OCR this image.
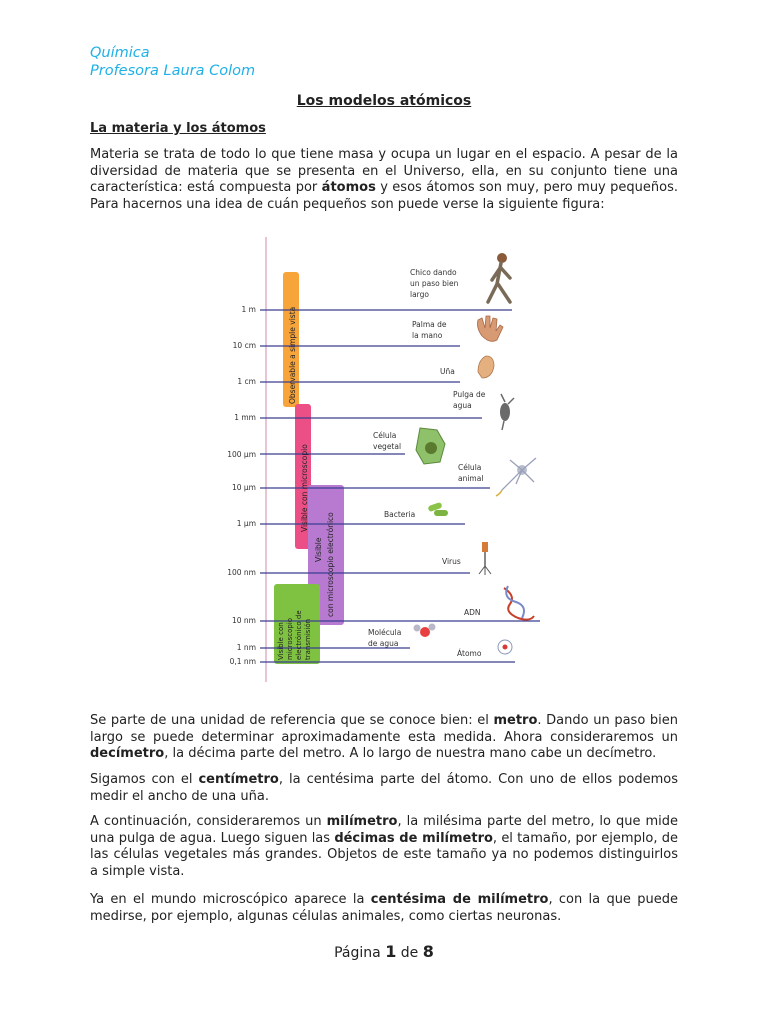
Química
Profesora Laura Colom
Los modelos atómicos
La materia y los átomos

Materia se trata de todo lo que tiene masa y ocupa un lugar en el espacio. A pesar de la diversidad de materia que se presenta en el Universo, ella, en su conjunto tiene una característica: está compuesta por átomos y esos átomos son muy, pero muy pequeños. Para hacernos una idea de cuán pequeños son puede verse la siguiente figura:

1 m
10 cm
1 cm
1 mm
100 µm
10 µm
1 µm
100 nm
10 nm
1 nm
0,1 nm
Observable a simple vista
Visible con microscopio
Visible con microscopio electrónico
Visible con microscopio electrónico de transmisión
Chico dando
un paso bien
largo
Palma de
la mano
Uña
Pulga de
agua
Célula
vegetal
Célula
animal
Bacteria
Virus
ADN
Molécula
de agua
Átomo

Se parte de una unidad de referencia que se conoce bien: el metro. Dando un paso bien largo se puede determinar aproximadamente esta medida. Ahora consideraremos un decímetro, la décima parte del metro. A lo largo de nuestra mano cabe un decímetro.

Sigamos con el centímetro, la centésima parte del átomo. Con uno de ellos podemos medir el ancho de una uña.

A continuación, consideraremos un milímetro, la milésima parte del metro, lo que mide una pulga de agua. Luego siguen las décimas de milímetro, el tamaño, por ejemplo, de las células vegetales más grandes. Objetos de este tamaño ya no podemos distinguirlos a simple vista.

Ya en el mundo microscópico aparece la centésima de milímetro, con la que puede medirse, por ejemplo, algunas células animales, como ciertas neuronas.

Página 1 de 8
